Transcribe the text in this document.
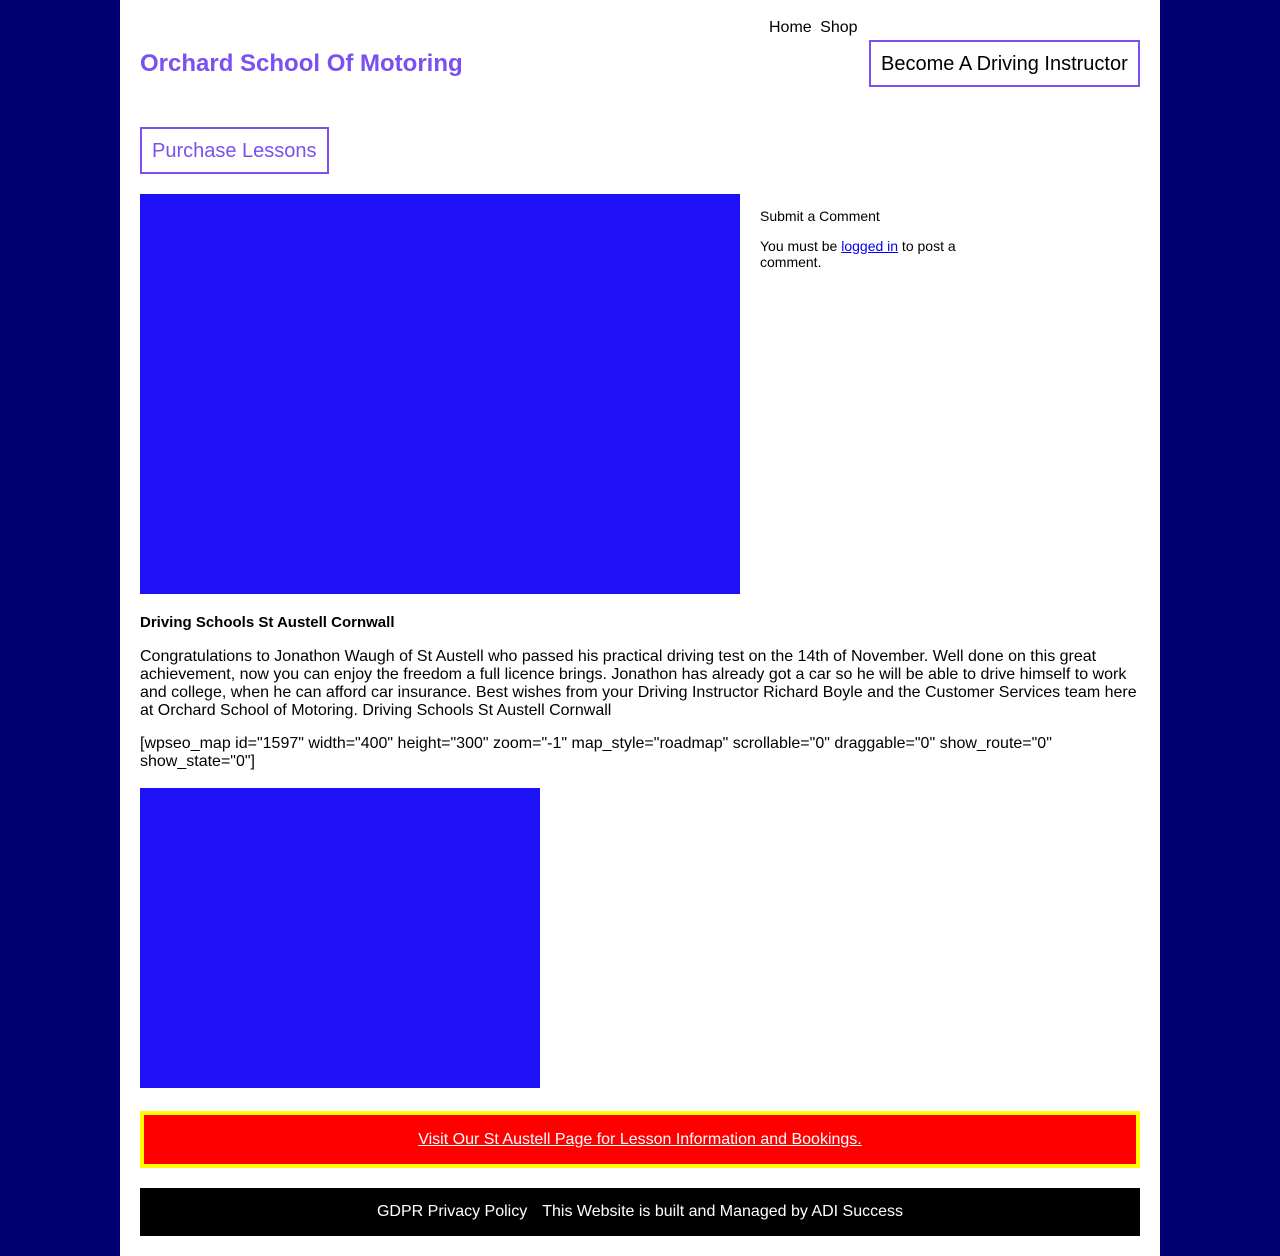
Orchard School Of Motoring
Home Shop
Become A Driving Instructor
Purchase Lessons

Submit a Comment

You must be logged in to post a comment.

Driving Schools St Austell Cornwall
Congratulations to Jonathon Waugh of St Austell who passed his practical driving test on the 14th of November. Well done on this great achievement, now you can enjoy the freedom a full licence brings. Jonathon has already got a car so he will be able to drive himself to work and college, when he can afford car insurance. Best wishes from your Driving Instructor Richard Boyle and the Customer Services team here at Orchard School of Motoring. Driving Schools St Austell Cornwall
[wpseo_map id="1597" width="400" height="300" zoom="-1" map_style="roadmap" scrollable="0" draggable="0" show_route="0" show_state="0"]
Visit Our St Austell Page for Lesson Information and Bookings.
GDPR Privacy Policy This Website is built and Managed by ADI Success
